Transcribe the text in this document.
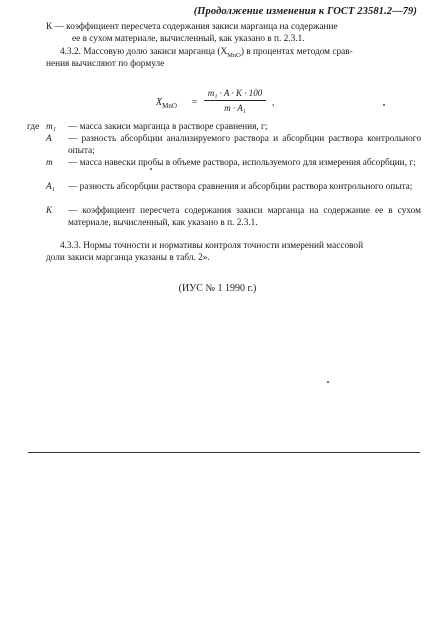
(Продолжение изменения к ГОСТ 23581.2—79)
К — коэффициент пересчета содержания закиси марганца на содержание
ее в сухом материале, вычисленный, как указано в п. 2.3.1.
4.3.2. Массовую долю закиси марганца $(X_{MnO})$ в процентах методом срав-
нения вычисляют по формуле
$X_{MnO}$ =
m₁ · A · K · 100
m · A₁
,
где m₁	— масса закиси марганца в растворе сравнения, г;
A	— разность абсорбции анализируемого раствора и абсорбции раствора контрольного опыта;
m	— масса навески пробы в объеме раствора, используемого для измерения абсорбции, г;
A₁	— разность абсорбции раствора сравнения и абсорбции раствора контрольного опыта;
K	— коэффициент пересчета содержания закиси марганца на содержание ее в сухом материале, вычисленный, как указано в п. 2.3.1.
4.3.3. Нормы точности и нормативы контроля точности измерений массовой
доли закиси марганца указаны в табл. 2».
(ИУС № 1 1990 г.)
